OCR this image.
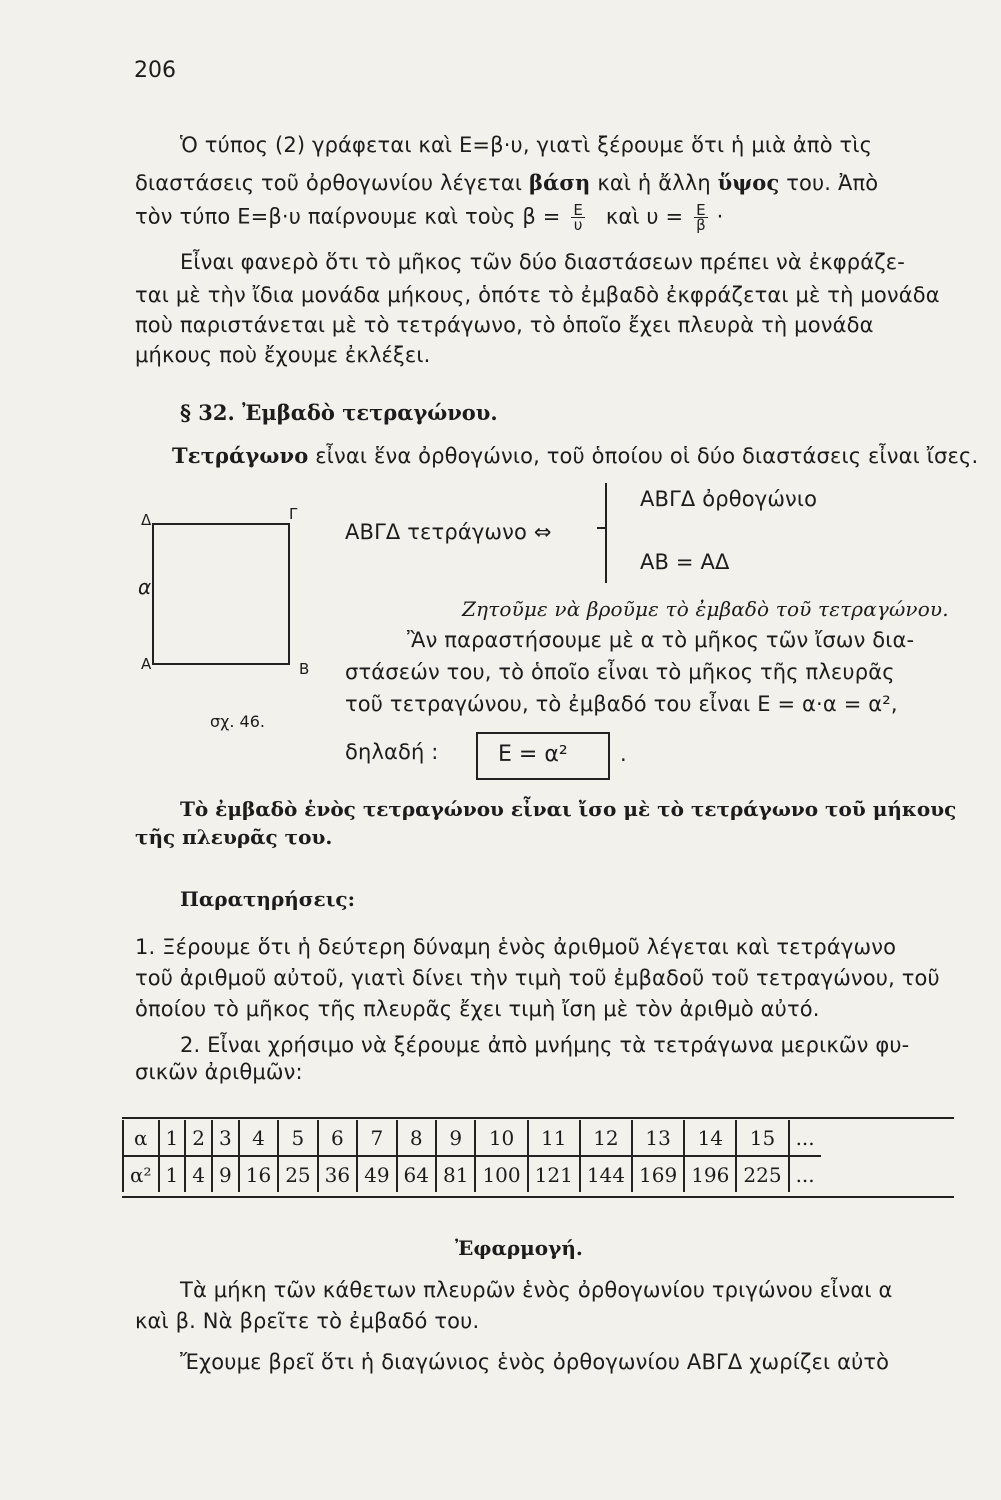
206
Ὁ τύπος (2) γράφεται καὶ Ε=β·υ, γιατὶ ξέρουμε ὅτι ἡ μιὰ ἀπὸ τὶς
διαστάσεις τοῦ ὀρθογωνίου λέγεται βάση καὶ ἡ ἄλλη ὕψος του. Ἀπὸ
τὸν τύπο Ε=β·υ παίρνουμε καὶ τοὺς $\beta = \frac{E}{\upsilon}$ καὶ $\upsilon = \frac{E}{\beta}$ ·
Εἶναι φανερὸ ὅτι τὸ μῆκος τῶν δύο διαστάσεων πρέπει νὰ ἐκφράζε-
ται μὲ τὴν ἴδια μονάδα μήκους, ὁπότε τὸ ἐμβαδὸ ἐκφράζεται μὲ τὴ μονάδα
ποὺ παριστάνεται μὲ τὸ τετράγωνο, τὸ ὁποῖο ἔχει πλευρὰ τὴ μονάδα
μήκους ποὺ ἔχουμε ἐκλέξει.
§ 32. Ἐμβαδὸ τετραγώνου.
Τετράγωνο εἶναι ἕνα ὀρθογώνιο, τοῦ ὁποίου οἱ δύο διαστάσεις εἶναι ἴσες.
Δ	Γ
Α	Β
α
σχ. 46.
ΑΒΓΔ τετράγωνο ⇔
ΑΒΓΔ ὀρθογώνιο
ΑΒ = ΑΔ
Ζητοῦμε νὰ βροῦμε τὸ ἐμβαδὸ τοῦ τετραγώνου.
Ἂν παραστήσουμε μὲ α τὸ μῆκος τῶν ἴσων δια-
στάσεών του, τὸ ὁποῖο εἶναι τὸ μῆκος τῆς πλευρᾶς
τοῦ τετραγώνου, τὸ ἐμβαδό του εἶναι Ε = α·α = α²,
δηλαδή :	Ε = α² .
Τὸ ἐμβαδὸ ἑνὸς τετραγώνου εἶναι ἴσο μὲ τὸ τετράγωνο τοῦ μήκους
τῆς πλευρᾶς του.
Παρατηρήσεις:
1. Ξέρουμε ὅτι ἡ δεύτερη δύναμη ἑνὸς ἀριθμοῦ λέγεται καὶ τετράγωνο
τοῦ ἀριθμοῦ αὐτοῦ, γιατὶ δίνει τὴν τιμὴ τοῦ ἐμβαδοῦ τοῦ τετραγώνου, τοῦ
ὁποίου τὸ μῆκος τῆς πλευρᾶς ἔχει τιμὴ ἴση μὲ τὸν ἀριθμὸ αὐτό.
2. Εἶναι χρήσιμο νὰ ξέρουμε ἀπὸ μνήμης τὰ τετράγωνα μερικῶν φυ-
σικῶν ἀριθμῶν:
α	1	2	3	4	5	6	7	8	9	10	11	12	13	14	15	...
α²	1	4	9	16	25	36	49	64	81	100	121	144	169	196	225	...
Ἐφαρμογή.
Τὰ μήκη τῶν κάθετων πλευρῶν ἑνὸς ὀρθογωνίου τριγώνου εἶναι α
καὶ β. Νὰ βρεῖτε τὸ ἐμβαδό του.
Ἔχουμε βρεῖ ὅτι ἡ διαγώνιος ἑνὸς ὀρθογωνίου ΑΒΓΔ χωρίζει αὐτὸ
